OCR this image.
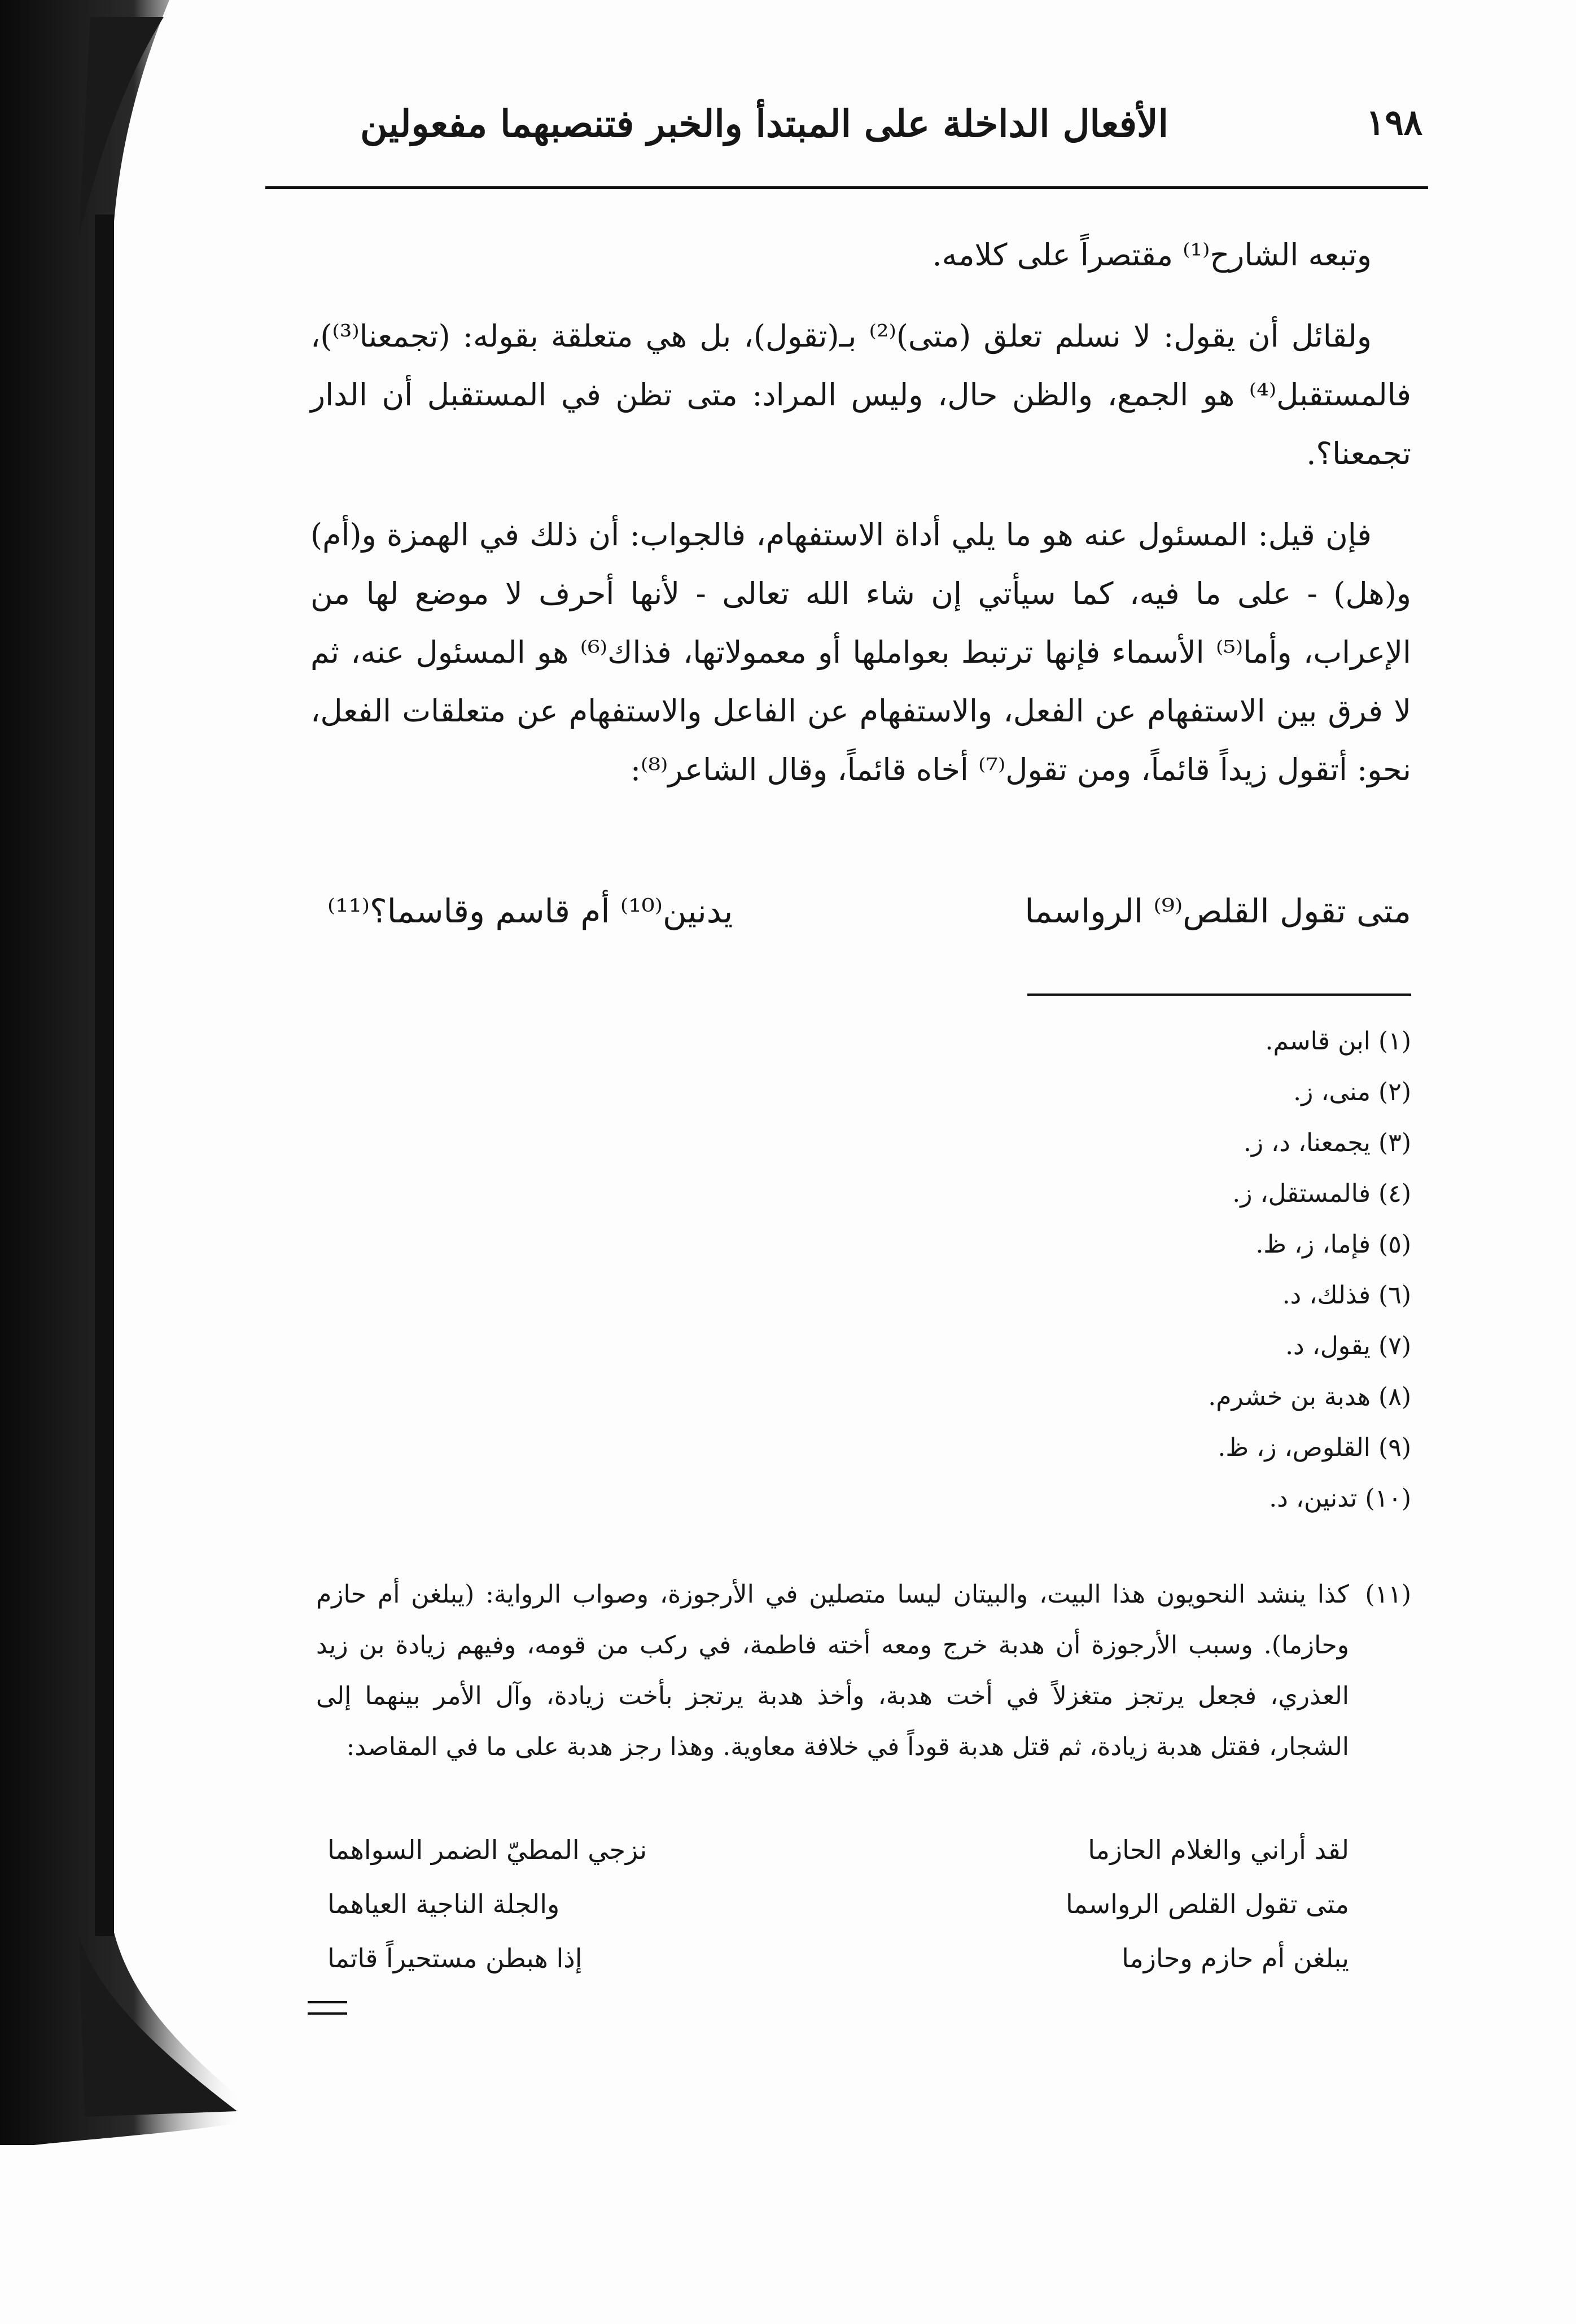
الأفعال الداخلة على المبتدأ والخبر فتنصبهما مفعولين	١٩٨

وتبعه الشارح⁽¹⁾ مقتصراً على كلامه.

ولقائل أن يقول: لا نسلم تعلق (متى)⁽²⁾ بـ(تقول)، بل هي متعلقة بقوله: (تجمعنا⁽³⁾)، فالمستقبل⁽⁴⁾ هو الجمع، والظن حال، وليس المراد: متى تظن في المستقبل أن الدار تجمعنا؟.

فإن قيل: المسئول عنه هو ما يلي أداة الاستفهام، فالجواب: أن ذلك في الهمزة و(أم) و(هل) - على ما فيه، كما سيأتي إن شاء الله تعالى - لأنها أحرف لا موضع لها من الإعراب، وأما⁽⁵⁾ الأسماء فإنها ترتبط بعواملها أو معمولاتها، فذاك⁽⁶⁾ هو المسئول عنه، ثم لا فرق بين الاستفهام عن الفعل، والاستفهام عن الفاعل والاستفهام عن متعلقات الفعل، نحو: أتقول زيداً قائماً، ومن تقول⁽⁷⁾ أخاه قائماً، وقال الشاعر⁽⁸⁾:

متى تقول القلص⁽⁹⁾ الرواسما
يدنين⁽¹⁰⁾ أم قاسم وقاسما؟⁽¹¹⁾
(١) ابن قاسم.
(٢) منى، ز.
(٣) يجمعنا، د، ز.
(٤) فالمستقل، ز.
(٥) فإما، ز، ظ.
(٦) فذلك، د.
(٧) يقول، د.
(٨) هدبة بن خشرم.
(٩) القلوص، ز، ظ.
(١٠) تدنين، د.
(١١)
كذا ينشد النحويون هذا البيت، والبيتان ليسا متصلين في الأرجوزة، وصواب الرواية: (يبلغن أم حازم وحازما). وسبب الأرجوزة أن هدبة خرج ومعه أخته فاطمة، في ركب من قومه، وفيهم زيادة بن زيد العذري، فجعل يرتجز متغزلاً في أخت هدبة، وأخذ هدبة يرتجز بأخت زيادة، وآل الأمر بينهما إلى الشجار، فقتل هدبة زيادة، ثم قتل هدبة قوداً في خلافة معاوية. وهذا رجز هدبة على ما في المقاصد:
لقد أراني والغلام الحازما
نزجي المطيّ الضمر السواهما
متى تقول القلص الرواسما
والجلة الناجية العياهما
يبلغن أم حازم وحازما
إذا هبطن مستحيراً قاتما
